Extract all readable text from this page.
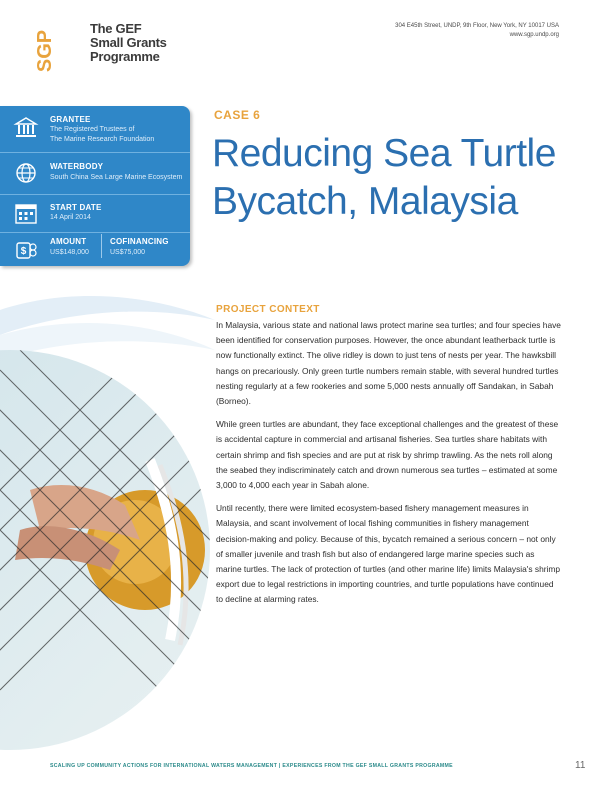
SGP
The GEF
Small Grants
Programme
304 E45th Street, UNDP, 9th Floor, New York, NY 10017 USA
www.sgp.undp.org
GRANTEE
The Registered Trustees of
The Marine Research Foundation
WATERBODY
South China Sea Large Marine Ecosystem
START DATE
14 April 2014
$
AMOUNT
US$148,000
COFINANCING
US$75,000
CASE 6
Reducing Sea Turtle
Bycatch, Malaysia
PROJECT CONTEXT

In Malaysia, various state and national laws protect marine sea turtles; and four species have been identified for conservation purposes. However, the once abundant leatherback turtle is now functionally extinct. The olive ridley is down to just tens of nests per year. The hawksbill hangs on precariously. Only green turtle numbers remain stable, with several hundred turtles nesting regularly at a few rookeries and some 5,000 nests annually off Sandakan, in Sabah (Borneo).

While green turtles are abundant, they face exceptional challenges and the greatest of these is accidental capture in commercial and artisanal fisheries. Sea turtles share habitats with certain shrimp and fish species and are put at risk by shrimp trawling. As the nets roll along the seabed they indiscriminately catch and drown numerous sea turtles – estimated at some 3,000 to 4,000 each year in Sabah alone.

Until recently, there were limited ecosystem-based fishery management measures in Malaysia, and scant involvement of local fishing communities in fishery management decision-making and policy. Because of this, bycatch remained a serious concern – not only of smaller juvenile and trash fish but also of endangered large marine species such as marine turtles. The lack of protection of turtles (and other marine life) limits Malaysia's shrimp export due to legal restrictions in importing countries, and turtle populations have continued to decline at alarming rates.

SCALING UP COMMUNITY ACTIONS FOR INTERNATIONAL WATERS MANAGEMENT | EXPERIENCES FROM THE GEF SMALL GRANTS PROGRAMME	11
